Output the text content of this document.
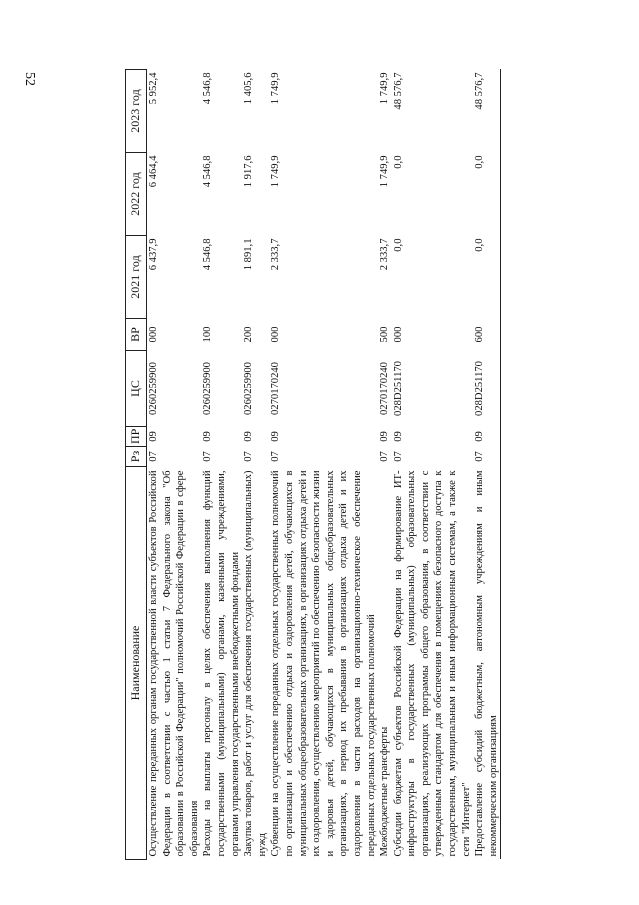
52
Наименование	Рз	ПР	ЦС	ВР	2021 год	2022 год	2023 год
Осуществление переданных органам государственной власти субъектов Российской Федерации в соответствии с частью 1 статьи 7 Федерального закона "Об образовании в Российской Федерации" полномочий Российской Федерации в сфере образования	07	09	0260259900	000	6 437,9	6 464,4	5 952,4
Расходы на выплаты персоналу в целях обеспечения выполнения функций государственными (муниципальными) органами, казенными учреждениями, органами управления государственными внебюджетными фондами	07	09	0260259900	100	4 546,8	4 546,8	4 546,8
Закупка товаров, работ и услуг для обеспечения государственных (муниципальных) нужд	07	09	0260259900	200	1 891,1	1 917,6	1 405,6
Субвенции на осуществление переданных отдельных государственных полномочий по организации и обеспечению отдыха и оздоровления детей, обучающихся в муниципальных общеобразовательных организациях, в организациях отдыха детей и их оздоровления, осуществлению мероприятий по обеспечению безопасности жизни и здоровья детей, обучающихся в муниципальных общеобразовательных организациях, в период их пребывания в организациях отдыха детей и их оздоровления в части расходов на организационно-техническое обеспечение переданных отдельных государственных полномочий	07	09	0270170240	000	2 333,7	1 749,9	1 749,9
Межбюджетные трансферты	07	09	0270170240	500	2 333,7	1 749,9	1 749,9
Субсидии бюджетам субъектов Российской Федерации на формирование ИТ-инфраструктуры в государственных (муниципальных) образовательных организациях, реализующих программы общего образования, в соответствии с утвержденным стандартом для обеспечения в помещениях безопасного доступа к государственным, муниципальным и иным информационным системам, а также к сети "Интернет"	07	09	028D251170	000	0,0	0,0	48 576,7
Предоставление субсидий бюджетным, автономным учреждениям и иным некоммерческим организациям	07	09	028D251170	600	0,0	0,0	48 576,7
